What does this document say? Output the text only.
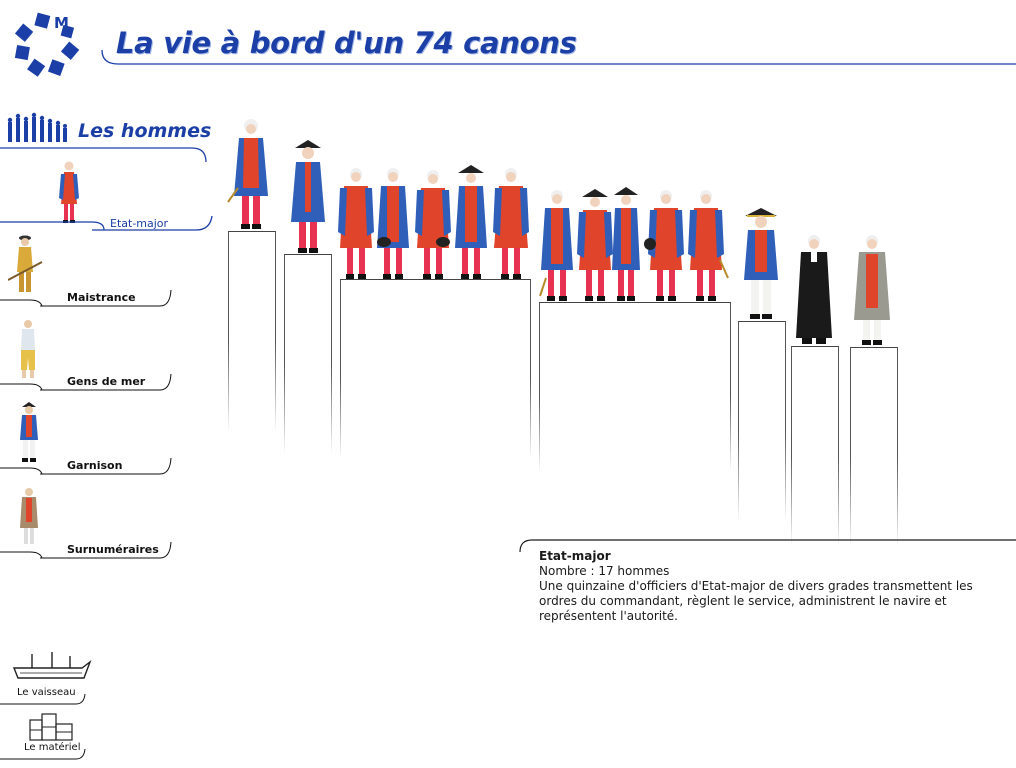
M
La vie à bord d'un 74 canons
Les hommes
Etat-major
Maistrance
Gens de mer
Garnison
Surnuméraires
Le vaisseau
Le matériel
Etat-major
Nombre : 17 hommes
Une quinzaine d'officiers d'Etat-major de divers grades transmettent les ordres du commandant, règlent le service, administrent le navire et représentent l'autorité.
